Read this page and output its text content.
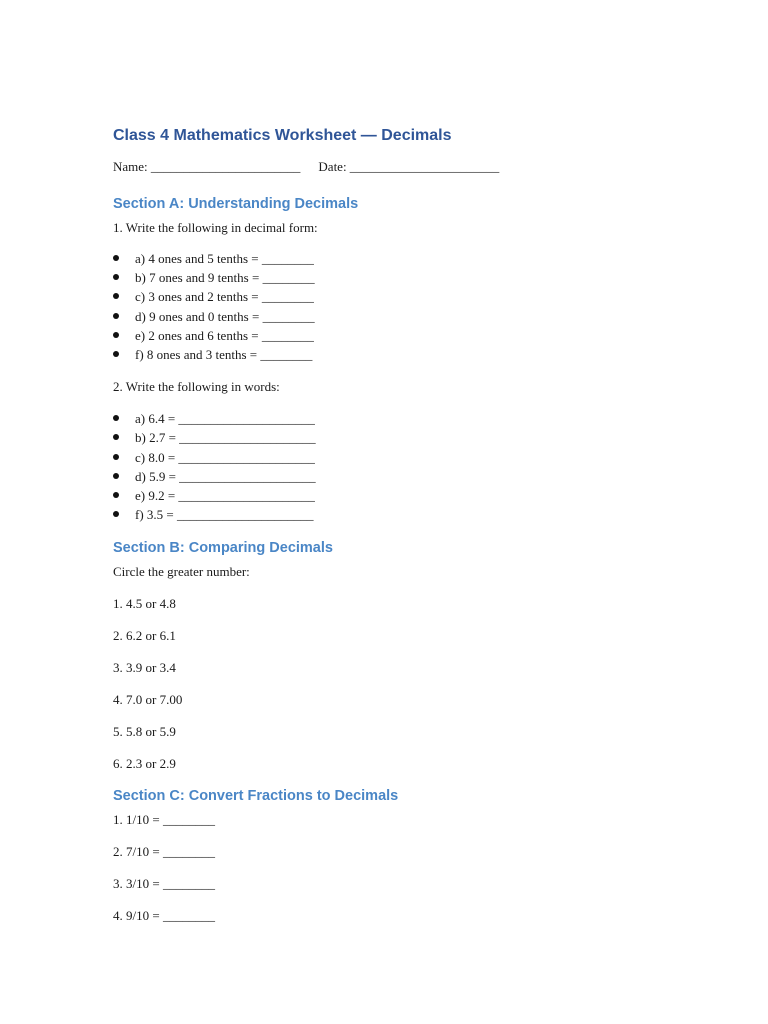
Class 4 Mathematics Worksheet — Decimals
Name: _______________________ Date: _______________________
Section A: Understanding Decimals

1. Write the following in decimal form:

a) 4 ones and 5 tenths = ________
b) 7 ones and 9 tenths = ________
c) 3 ones and 2 tenths = ________
d) 9 ones and 0 tenths = ________
e) 2 ones and 6 tenths = ________
f) 8 ones and 3 tenths = ________

2. Write the following in words:

a) 6.4 = _____________________
b) 2.7 = _____________________
c) 8.0 = _____________________
d) 5.9 = _____________________
e) 9.2 = _____________________
f) 3.5 = _____________________
Section B: Comparing Decimals

Circle the greater number:

1. 4.5 or 4.8

2. 6.2 or 6.1

3. 3.9 or 3.4

4. 7.0 or 7.00

5. 5.8 or 5.9

6. 2.3 or 2.9

Section C: Convert Fractions to Decimals

1. 1/10 = ________

2. 7/10 = ________

3. 3/10 = ________

4. 9/10 = ________
